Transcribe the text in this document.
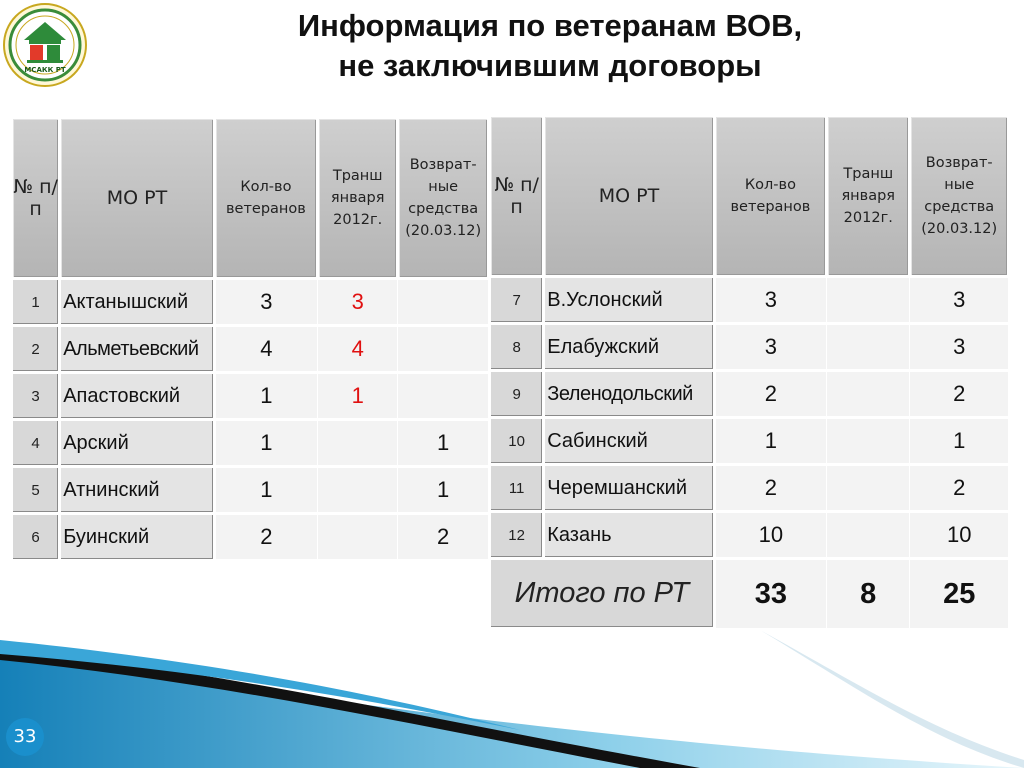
МСАКК РТ
Информация по ветеранам ВОВ,
не заключившим договоры
№ п/п	МО РТ	Кол-во ветеранов	Транш января 2012г.	Возврат-ные средства (20.03.12)
1	Актанышский	3	3	
2	Альметьевский	4	4	
3	Апастовский	1	1	
4	Арский	1		1
5	Атнинский	1		1
6	Буинский	2		2
№ п/п	МО РТ	Кол-во ветеранов	Транш января 2012г.	Возврат-ные средства (20.03.12)
7	В.Услонский	3		3
8	Елабужский	3		3
9	Зеленодольский	2		2
10	Сабинский	1		1
11	Черемшанский	2		2
12	Казань	10		10
Итого по РТ		33	8	25
33
